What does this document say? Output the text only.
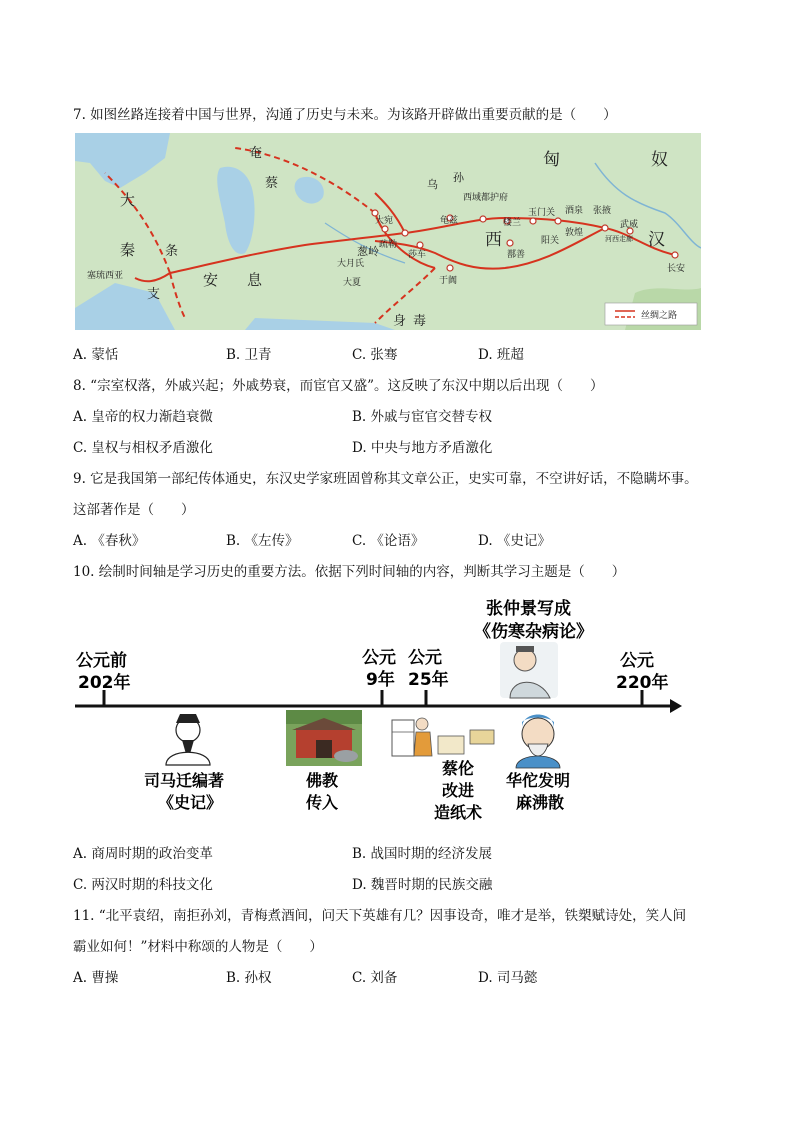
7. 如图丝路连接着中国与世界，沟通了历史与未来。为该路开辟做出重要贡献的是（　　）
匈	奴
奄
蔡
大
秦 条
支
安 息
塞琉西亚
大宛
疏勒
葱岭	莎车
大月氏
大夏	于阗
西域都护府
龟兹	楼兰
玉门关
阳关
酒泉
敦煌
张掖
武威
河西走廊
西
鄯善
汉
长安
身 毒
乌
孙
丝绸之路
A. 蒙恬	B. 卫青	C. 张骞	D. 班超
8. “宗室权落，外戚兴起；外戚势衰，而宦官又盛”。这反映了东汉中期以后出现（　　）
A. 皇帝的权力渐趋衰微	B. 外戚与宦官交替专权
C. 皇权与相权矛盾激化	D. 中央与地方矛盾激化
9. 它是我国第一部纪传体通史，东汉史学家班固曾称其文章公正，史实可靠，不空讲好话，不隐瞒坏事。
这部著作是（　　）
A. 《春秋》	B. 《左传》	C. 《论语》	D. 《史记》
10. 绘制时间轴是学习历史的重要方法。依据下列时间轴的内容，判断其学习主题是（　　）
公元前
202年
公元
9年
公元
25年
公元
220年
张仲景写成
《伤寒杂病论》
司马迁编著
《史记》
佛教
传入
蔡伦
改进
造纸术
华佗发明
麻沸散
A. 商周时期的政治变革	B. 战国时期的经济发展
C. 两汉时期的科技文化	D. 魏晋时期的民族交融
11. “北平袁绍，南拒孙刘，青梅煮酒间，问天下英雄有几？因事设奇，唯才是举，铁槊赋诗处，笑人间
霸业如何！”材料中称颂的人物是（　　）
A. 曹操	B. 孙权	C. 刘备	D. 司马懿
